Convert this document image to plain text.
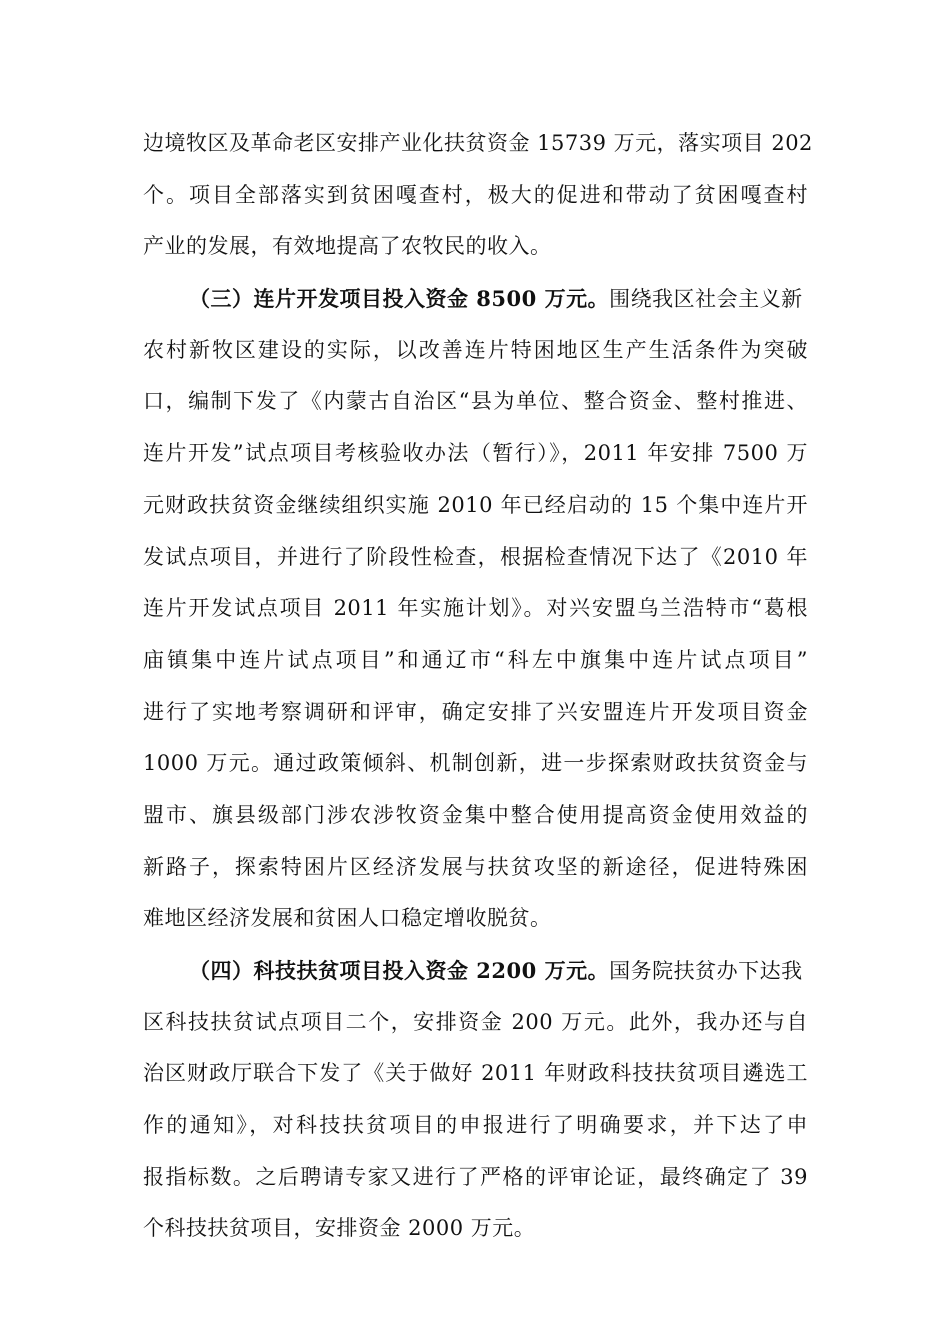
边境牧区及革命老区安排产业化扶贫资金 15739 万元，落实项目 202
个。项目全部落实到贫困嘎查村，极大的促进和带动了贫困嘎查村
产业的发展，有效地提高了农牧民的收入。
（三）连片开发项目投入资金 8500 万元。围绕我区社会主义新
农村新牧区建设的实际，以改善连片特困地区生产生活条件为突破
口，编制下发了《内蒙古自治区“县为单位、整合资金、整村推进、
连片开发”试点项目考核验收办法（暂行）》，2011 年安排 7500 万
元财政扶贫资金继续组织实施 2010 年已经启动的 15 个集中连片开
发试点项目，并进行了阶段性检查，根据检查情况下达了《2010 年
连片开发试点项目 2011 年实施计划》。对兴安盟乌兰浩特市“葛根
庙镇集中连片试点项目”和通辽市“科左中旗集中连片试点项目”
进行了实地考察调研和评审，确定安排了兴安盟连片开发项目资金
1000 万元。通过政策倾斜、机制创新，进一步探索财政扶贫资金与
盟市、旗县级部门涉农涉牧资金集中整合使用提高资金使用效益的
新路子，探索特困片区经济发展与扶贫攻坚的新途径，促进特殊困
难地区经济发展和贫困人口稳定增收脱贫。
（四）科技扶贫项目投入资金 2200 万元。国务院扶贫办下达我
区科技扶贫试点项目二个，安排资金 200 万元。此外，我办还与自
治区财政厅联合下发了《关于做好 2011 年财政科技扶贫项目遴选工
作的通知》，对科技扶贫项目的申报进行了明确要求，并下达了申
报指标数。之后聘请专家又进行了严格的评审论证，最终确定了 39
个科技扶贫项目，安排资金 2000 万元。
